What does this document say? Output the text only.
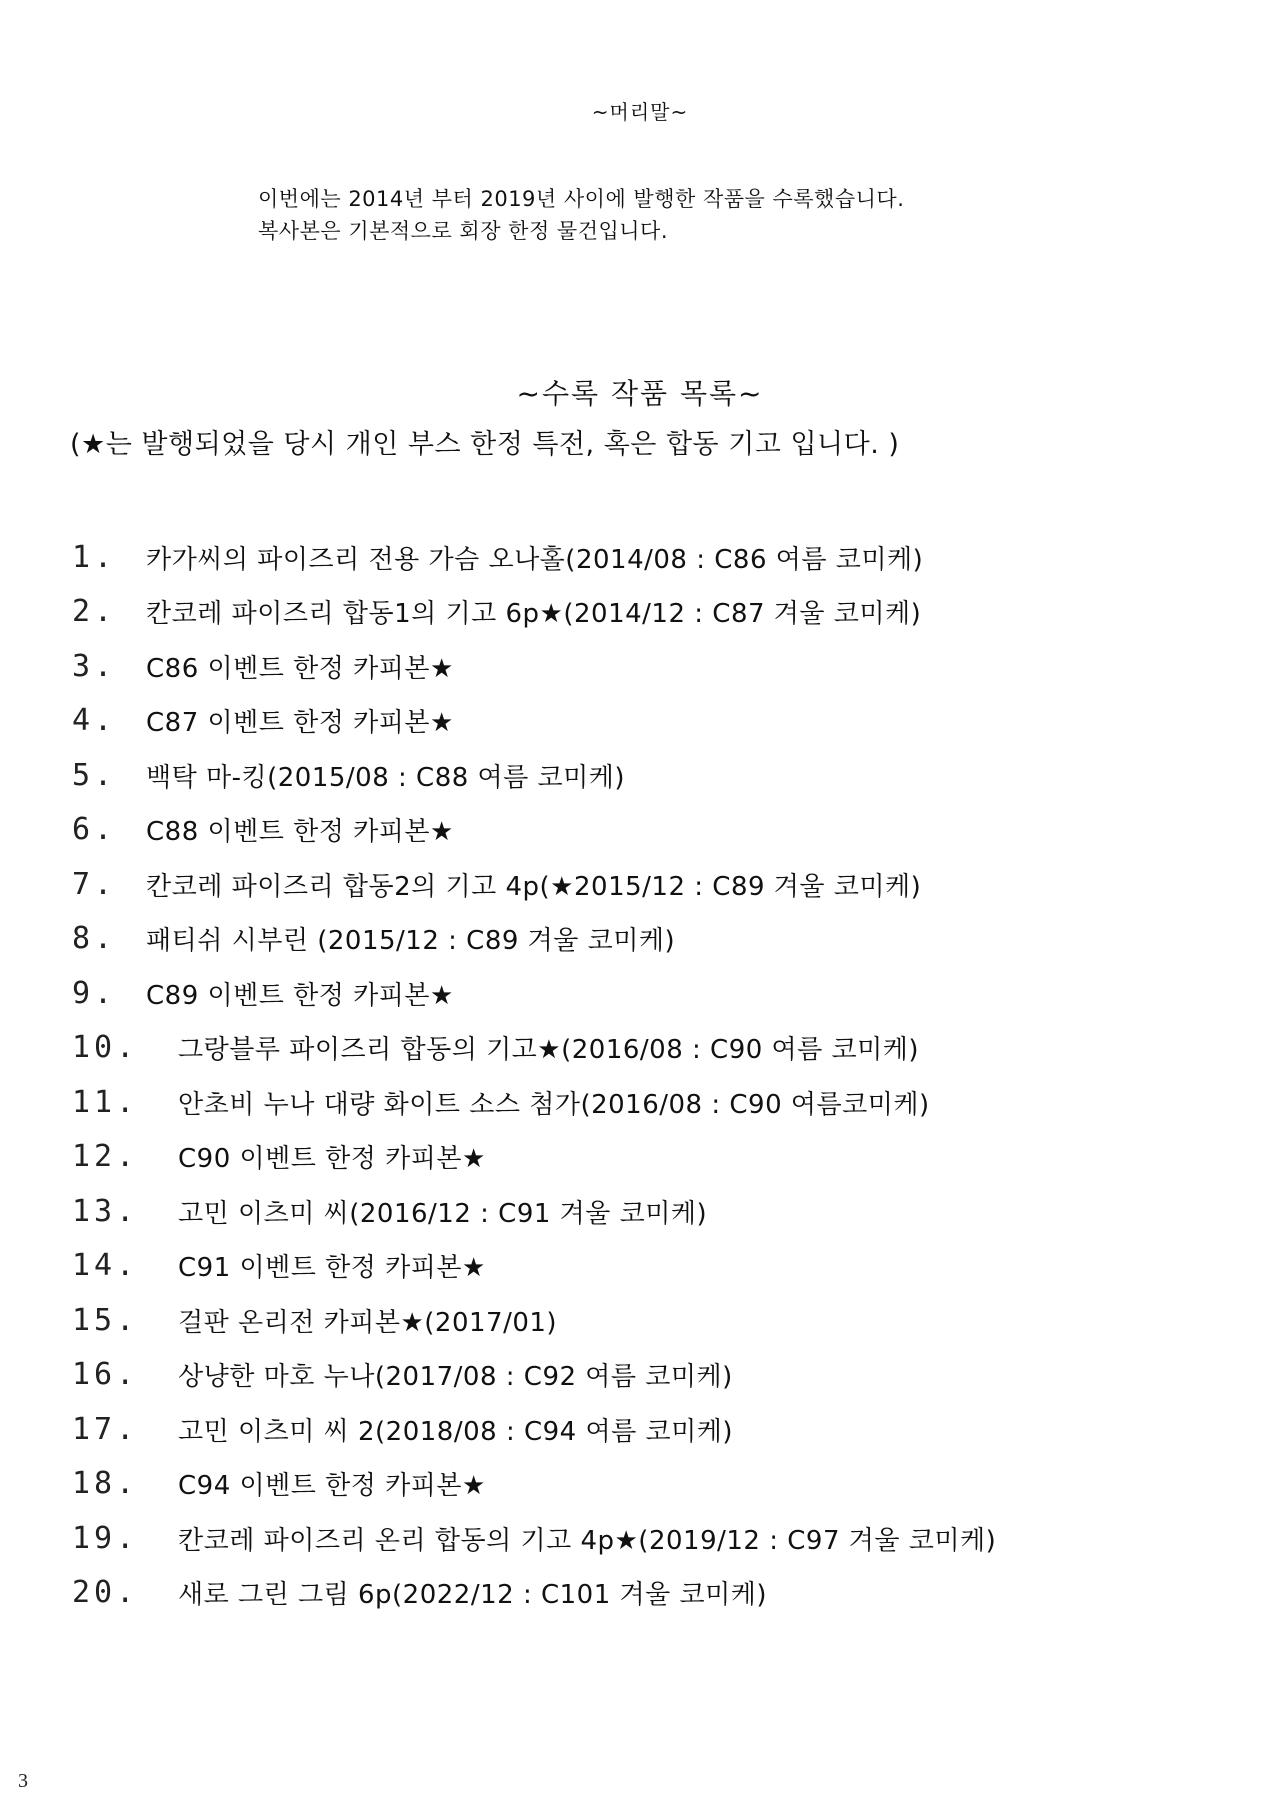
~머리말~
이번에는 2014년 부터 2019년 사이에 발행한 작품을 수록했습니다.
복사본은 기본적으로 회장 한정 물건입니다.
~수록 작품 목록~
(★는 발행되었을 당시 개인 부스 한정 특전, 혹은 합동 기고 입니다. )
1.	카가씨의 파이즈리 전용 가슴 오나홀(2014/08 : C86 여름 코미케)
2.	칸코레 파이즈리 합동1의 기고 6p★(2014/12 : C87 겨울 코미케)
3.	C86 이벤트 한정 카피본★
4.	C87 이벤트 한정 카피본★
5.	백탁 마-킹(2015/08 : C88 여름 코미케)
6.	C88 이벤트 한정 카피본★
7.	칸코레 파이즈리 합동2의 기고 4p(★2015/12 : C89 겨울 코미케)
8.	패티쉬 시부린 (2015/12 : C89 겨울 코미케)
9.	C89 이벤트 한정 카피본★
10.	그랑블루 파이즈리 합동의 기고★(2016/08 : C90 여름 코미케)
11.	안초비 누나 대량 화이트 소스 첨가(2016/08 : C90 여름코미케)
12.	C90 이벤트 한정 카피본★
13.	고민 이츠미 씨(2016/12 : C91 겨울 코미케)
14.	C91 이벤트 한정 카피본★
15.	걸판 온리전 카피본★(2017/01)
16.	상냥한 마호 누나(2017/08 : C92 여름 코미케)
17.	고민 이츠미 씨 2(2018/08 : C94 여름 코미케)
18.	C94 이벤트 한정 카피본★
19.	칸코레 파이즈리 온리 합동의 기고 4p★(2019/12 : C97 겨울 코미케)
20.	새로 그린 그림 6p(2022/12 : C101 겨울 코미케)
3
